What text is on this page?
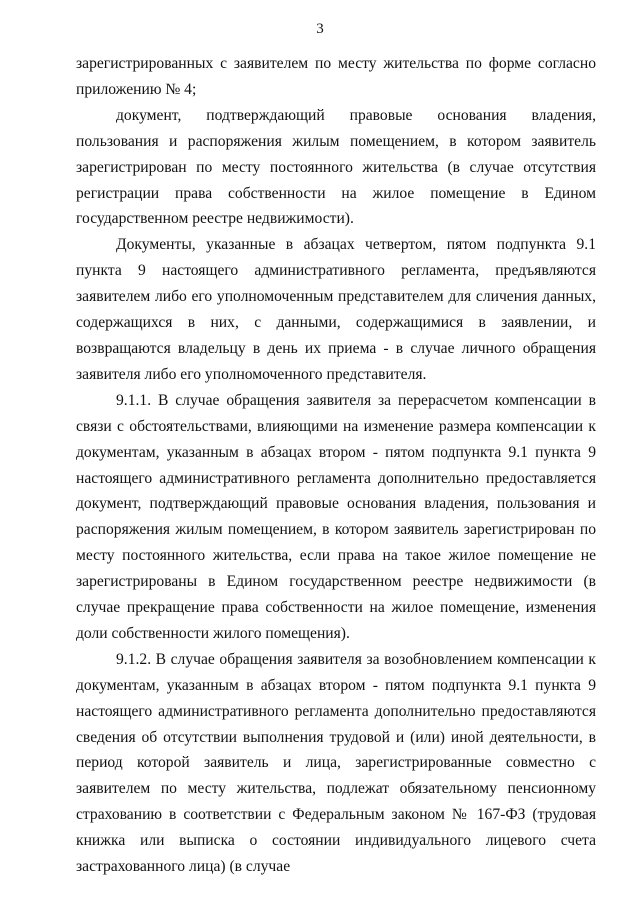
3

зарегистрированных с заявителем по месту жительства по форме согласно приложению № 4;

документ, подтверждающий правовые основания владения, пользования и распоряжения жилым помещением, в котором заявитель зарегистрирован по месту постоянного жительства (в случае отсутствия регистрации права собственности на жилое помещение в Едином государственном реестре недвижимости).

Документы, указанные в абзацах четвертом, пятом подпункта 9.1 пункта 9 настоящего административного регламента, предъявляются заявителем либо его уполномоченным представителем для сличения данных, содержащихся в них, с данными, содержащимися в заявлении, и возвращаются владельцу в день их приема - в случае личного обращения заявителя либо его уполномоченного представителя.

9.1.1. В случае обращения заявителя за перерасчетом компенсации в связи с обстоятельствами, влияющими на изменение размера компенсации к документам, указанным в абзацах втором - пятом подпункта 9.1 пункта 9 настоящего административного регламента дополнительно предоставляется документ, подтверждающий правовые основания владения, пользования и распоряжения жилым помещением, в котором заявитель зарегистрирован по месту постоянного жительства, если права на такое жилое помещение не зарегистрированы в Едином государственном реестре недвижимости (в случае прекращение права собственности на жилое помещение, изменения доли собственности жилого помещения).

9.1.2. В случае обращения заявителя за возобновлением компенсации к документам, указанным в абзацах втором - пятом подпункта 9.1 пункта 9 настоящего административного регламента дополнительно предоставляются сведения об отсутствии выполнения трудовой и (или) иной деятельности, в период которой заявитель и лица, зарегистрированные совместно с заявителем по месту жительства, подлежат обязательному пенсионному страхованию в соответствии с Федеральным законом № 167-ФЗ (трудовая книжка или выписка о состоянии индивидуального лицевого счета застрахованного лица) (в случае
